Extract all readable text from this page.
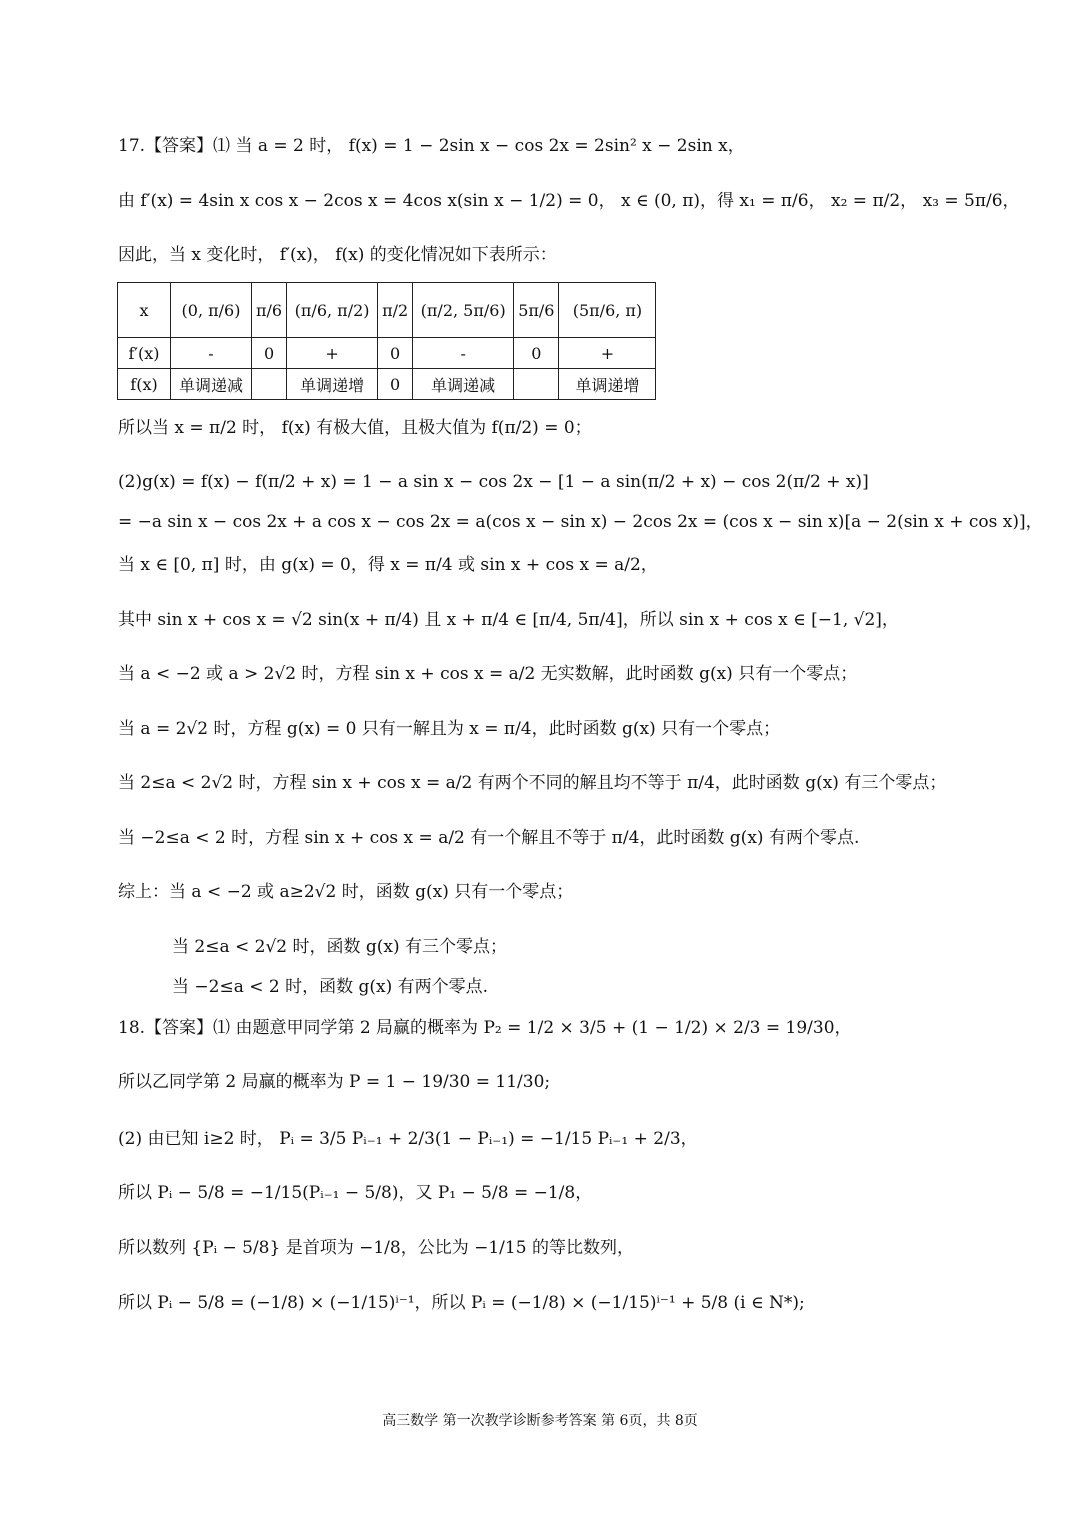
17.【答案】⑴ 当 a = 2 时， f(x) = 1 − 2sin x − cos 2x = 2sin² x − 2sin x，
由 f′(x) = 4sin x cos x − 2cos x = 4cos x(sin x − 1/2) = 0， x ∈ (0, π)，得 x₁ = π/6， x₂ = π/2， x₃ = 5π/6，
因此，当 x 变化时， f′(x)， f(x) 的变化情况如下表所示：
x	(0, π/6)	π/6	(π/6, π/2)	π/2	(π/2, 5π/6)	5π/6	(5π/6, π)
f′(x)	-	0	+	0	-	0	+
f(x)	单调递减		单调递增	0	单调递减		单调递增
所以当 x = π/2 时， f(x) 有极大值，且极大值为 f(π/2) = 0；
(2)g(x) = f(x) − f(π/2 + x) = 1 − a sin x − cos 2x − [1 − a sin(π/2 + x) − cos 2(π/2 + x)]
= −a sin x − cos 2x + a cos x − cos 2x = a(cos x − sin x) − 2cos 2x = (cos x − sin x)[a − 2(sin x + cos x)]，
当 x ∈ [0, π] 时，由 g(x) = 0，得 x = π/4 或 sin x + cos x = a/2，
其中 sin x + cos x = √2 sin(x + π/4) 且 x + π/4 ∈ [π/4, 5π/4]，所以 sin x + cos x ∈ [−1, √2]，
当 a < −2 或 a > 2√2 时，方程 sin x + cos x = a/2 无实数解，此时函数 g(x) 只有一个零点；
当 a = 2√2 时，方程 g(x) = 0 只有一解且为 x = π/4，此时函数 g(x) 只有一个零点；
当 2≤a < 2√2 时，方程 sin x + cos x = a/2 有两个不同的解且均不等于 π/4，此时函数 g(x) 有三个零点；
当 −2≤a < 2 时，方程 sin x + cos x = a/2 有一个解且不等于 π/4，此时函数 g(x) 有两个零点.
综上：当 a < −2 或 a≥2√2 时，函数 g(x) 只有一个零点；
当 2≤a < 2√2 时，函数 g(x) 有三个零点；
当 −2≤a < 2 时，函数 g(x) 有两个零点.
18.【答案】⑴ 由题意甲同学第 2 局赢的概率为 P₂ = 1/2 × 3/5 + (1 − 1/2) × 2/3 = 19/30，
所以乙同学第 2 局赢的概率为 P = 1 − 19/30 = 11/30;
(2) 由已知 i≥2 时， Pᵢ = 3/5 Pᵢ₋₁ + 2/3(1 − Pᵢ₋₁) = −1/15 Pᵢ₋₁ + 2/3，
所以 Pᵢ − 5/8 = −1/15(Pᵢ₋₁ − 5/8)，又 P₁ − 5/8 = −1/8，
所以数列 {Pᵢ − 5/8} 是首项为 −1/8，公比为 −1/15 的等比数列，
所以 Pᵢ − 5/8 = (−1/8) × (−1/15)ⁱ⁻¹，所以 Pᵢ = (−1/8) × (−1/15)ⁱ⁻¹ + 5/8 (i ∈ N*);
高三数学 第一次教学诊断参考答案 第 6页，共 8页
